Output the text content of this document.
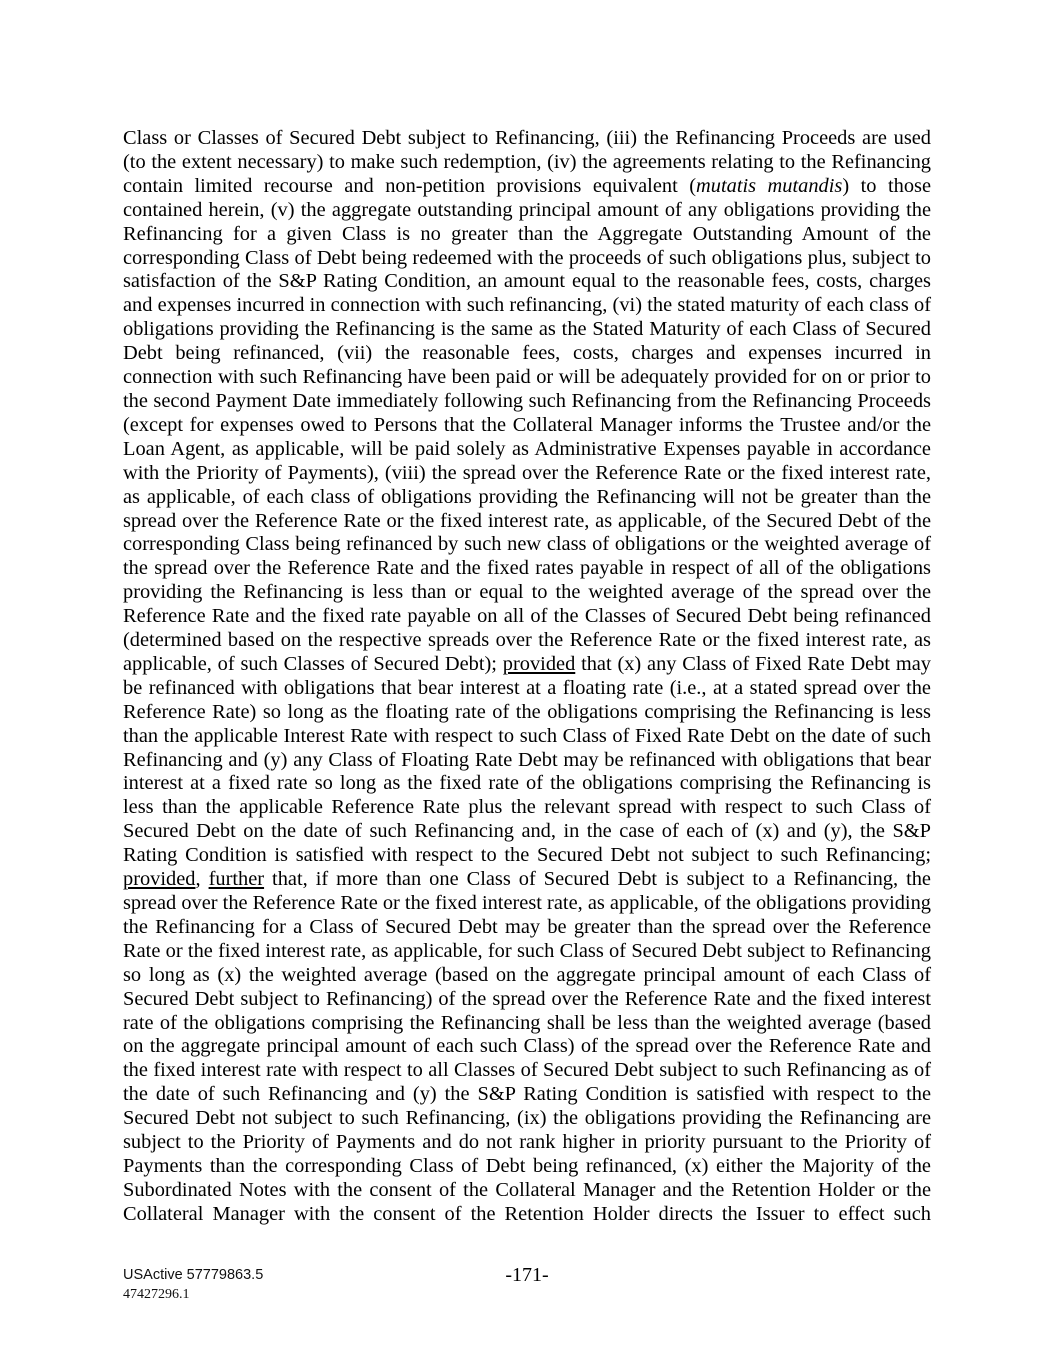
Class or Classes of Secured Debt subject to Refinancing, (iii) the Refinancing Proceeds are used (to the extent necessary) to make such redemption, (iv) the agreements relating to the Refinancing contain limited recourse and non-petition provisions equivalent (mutatis mutandis) to those contained herein, (v) the aggregate outstanding principal amount of any obligations providing the Refinancing for a given Class is no greater than the Aggregate Outstanding Amount of the corresponding Class of Debt being redeemed with the proceeds of such obligations plus, subject to satisfaction of the S&P Rating Condition, an amount equal to the reasonable fees, costs, charges and expenses incurred in connection with such refinancing, (vi) the stated maturity of each class of obligations providing the Refinancing is the same as the Stated Maturity of each Class of Secured Debt being refinanced, (vii) the reasonable fees, costs, charges and expenses incurred in connection with such Refinancing have been paid or will be adequately provided for on or prior to the second Payment Date immediately following such Refinancing from the Refinancing Proceeds (except for expenses owed to Persons that the Collateral Manager informs the Trustee and/or the Loan Agent, as applicable, will be paid solely as Administrative Expenses payable in accordance with the Priority of Payments), (viii) the spread over the Reference Rate or the fixed interest rate, as applicable, of each class of obligations providing the Refinancing will not be greater than the spread over the Reference Rate or the fixed interest rate, as applicable, of the Secured Debt of the corresponding Class being refinanced by such new class of obligations or the weighted average of the spread over the Reference Rate and the fixed rates payable in respect of all of the obligations providing the Refinancing is less than or equal to the weighted average of the spread over the Reference Rate and the fixed rate payable on all of the Classes of Secured Debt being refinanced (determined based on the respective spreads over the Reference Rate or the fixed interest rate, as applicable, of such Classes of Secured Debt); provided that (x) any Class of Fixed Rate Debt may be refinanced with obligations that bear interest at a floating rate (i.e., at a stated spread over the Reference Rate) so long as the floating rate of the obligations comprising the Refinancing is less than the applicable Interest Rate with respect to such Class of Fixed Rate Debt on the date of such Refinancing and (y) any Class of Floating Rate Debt may be refinanced with obligations that bear interest at a fixed rate so long as the fixed rate of the obligations comprising the Refinancing is less than the applicable Reference Rate plus the relevant spread with respect to such Class of Secured Debt on the date of such Refinancing and, in the case of each of (x) and (y), the S&P Rating Condition is satisfied with respect to the Secured Debt not subject to such Refinancing; provided, further that, if more than one Class of Secured Debt is subject to a Refinancing, the spread over the Reference Rate or the fixed interest rate, as applicable, of the obligations providing the Refinancing for a Class of Secured Debt may be greater than the spread over the Reference Rate or the fixed interest rate, as applicable, for such Class of Secured Debt subject to Refinancing so long as (x) the weighted average (based on the aggregate principal amount of each Class of Secured Debt subject to Refinancing) of the spread over the Reference Rate and the fixed interest rate of the obligations comprising the Refinancing shall be less than the weighted average (based on the aggregate principal amount of each such Class) of the spread over the Reference Rate and the fixed interest rate with respect to all Classes of Secured Debt subject to such Refinancing as of the date of such Refinancing and (y) the S&P Rating Condition is satisfied with respect to the Secured Debt not subject to such Refinancing, (ix) the obligations providing the Refinancing are subject to the Priority of Payments and do not rank higher in priority pursuant to the Priority of Payments than the corresponding Class of Debt being refinanced, (x) either the Majority of the Subordinated Notes with the consent of the Collateral Manager and the Retention Holder or the Collateral Manager with the consent of the Retention Holder directs the Issuer to effect such
USActive 57779863.5
47427296.1
-171-
